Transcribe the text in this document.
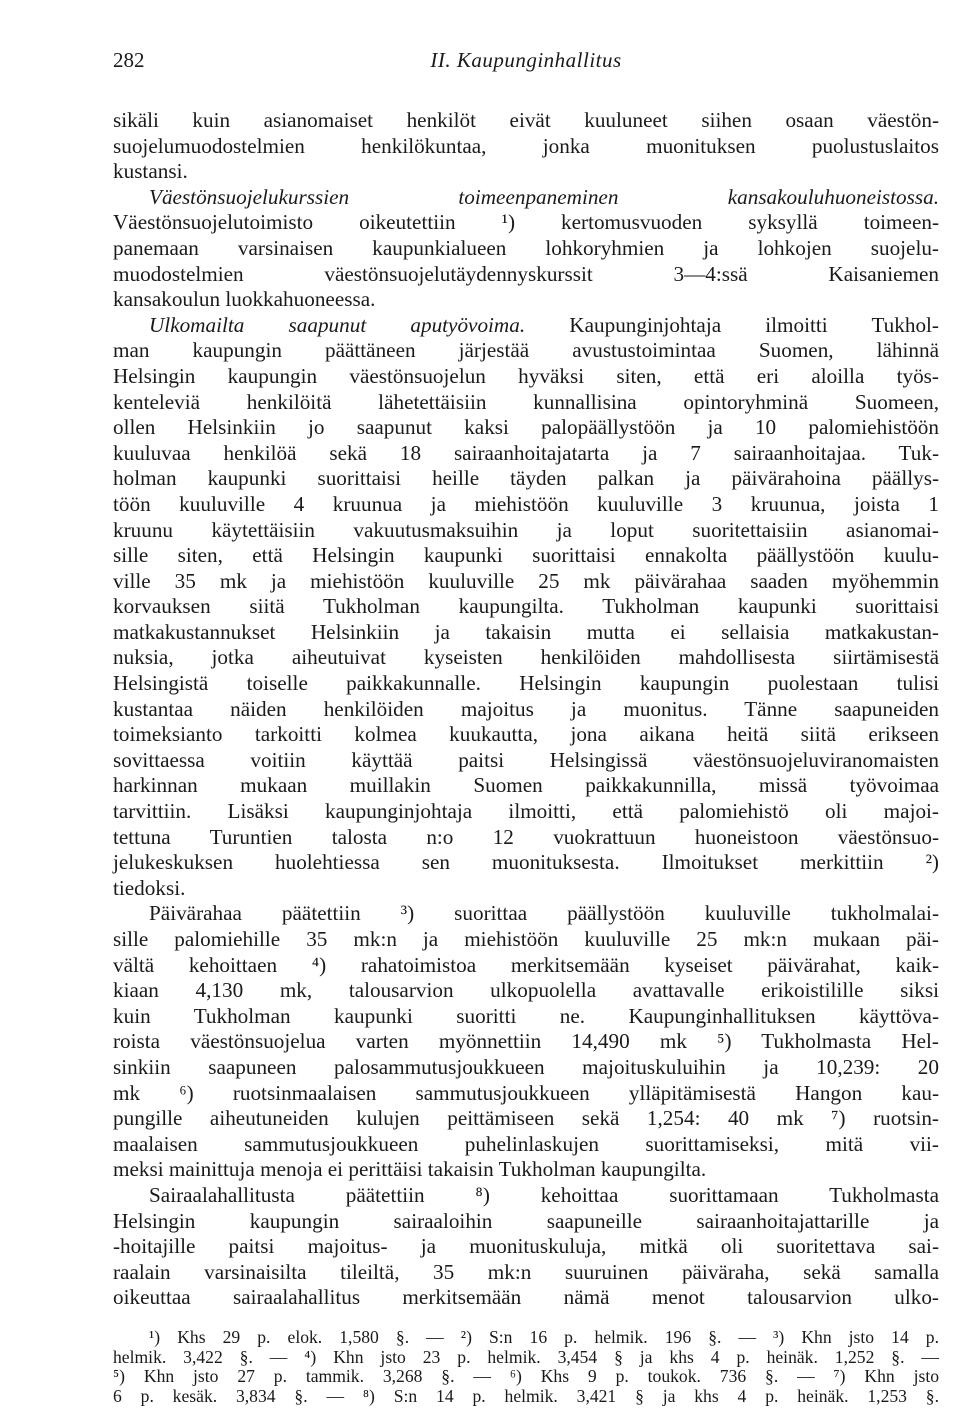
282	II. Kaupunginhallitus
sikäli kuin asianomaiset henkilöt eivät kuuluneet siihen osaan väestön-
suojelumuodostelmien henkilökuntaa, jonka muonituksen puolustuslaitos
kustansi.
Väestönsuojelukurssien toimeenpaneminen kansakouluhuoneistossa.
Väestönsuojelutoimisto oikeutettiin ¹) kertomusvuoden syksyllä toimeen-
panemaan varsinaisen kaupunkialueen lohkoryhmien ja lohkojen suojelu-
muodostelmien väestönsuojelutäydennyskurssit 3—4:ssä Kaisaniemen
kansakoulun luokkahuoneessa.
Ulkomailta saapunut aputyövoima. Kaupunginjohtaja ilmoitti Tukhol-
man kaupungin päättäneen järjestää avustustoimintaa Suomen, lähinnä
Helsingin kaupungin väestönsuojelun hyväksi siten, että eri aloilla työs-
kenteleviä henkilöitä lähetettäisiin kunnallisina opintoryhminä Suomeen,
ollen Helsinkiin jo saapunut kaksi palopäällystöön ja 10 palomiehistöön
kuuluvaa henkilöä sekä 18 sairaanhoitajatarta ja 7 sairaanhoitajaa. Tuk-
holman kaupunki suorittaisi heille täyden palkan ja päivärahoina päällys-
töön kuuluville 4 kruunua ja miehistöön kuuluville 3 kruunua, joista 1
kruunu käytettäisiin vakuutusmaksuihin ja loput suoritettaisiin asianomai-
sille siten, että Helsingin kaupunki suorittaisi ennakolta päällystöön kuulu-
ville 35 mk ja miehistöön kuuluville 25 mk päivärahaa saaden myöhemmin
korvauksen siitä Tukholman kaupungilta. Tukholman kaupunki suorittaisi
matkakustannukset Helsinkiin ja takaisin mutta ei sellaisia matkakustan-
nuksia, jotka aiheutuivat kyseisten henkilöiden mahdollisesta siirtämisestä
Helsingistä toiselle paikkakunnalle. Helsingin kaupungin puolestaan tulisi
kustantaa näiden henkilöiden majoitus ja muonitus. Tänne saapuneiden
toimeksianto tarkoitti kolmea kuukautta, jona aikana heitä siitä erikseen
sovittaessa voitiin käyttää paitsi Helsingissä väestönsuojeluviranomaisten
harkinnan mukaan muillakin Suomen paikkakunnilla, missä työvoimaa
tarvittiin. Lisäksi kaupunginjohtaja ilmoitti, että palomiehistö oli majoi-
tettuna Turuntien talosta n:o 12 vuokrattuun huoneistoon väestönsuo-
jelukeskuksen huolehtiessa sen muonituksesta. Ilmoitukset merkittiin ²)
tiedoksi.
Päivärahaa päätettiin ³) suorittaa päällystöön kuuluville tukholmalai-
sille palomiehille 35 mk:n ja miehistöön kuuluville 25 mk:n mukaan päi-
vältä kehoittaen ⁴) rahatoimistoa merkitsemään kyseiset päivärahat, kaik-
kiaan 4,130 mk, talousarvion ulkopuolella avattavalle erikoistilille siksi
kuin Tukholman kaupunki suoritti ne. Kaupunginhallituksen käyttöva-
roista väestönsuojelua varten myönnettiin 14,490 mk ⁵) Tukholmasta Hel-
sinkiin saapuneen palosammutusjoukkueen majoituskuluihin ja 10,239: 20
mk ⁶) ruotsinmaalaisen sammutusjoukkueen ylläpitämisestä Hangon kau-
pungille aiheutuneiden kulujen peittämiseen sekä 1,254: 40 mk ⁷) ruotsin-
maalaisen sammutusjoukkueen puhelinlaskujen suorittamiseksi, mitä vii-
meksi mainittuja menoja ei perittäisi takaisin Tukholman kaupungilta.
Sairaalahallitusta päätettiin ⁸) kehoittaa suorittamaan Tukholmasta
Helsingin kaupungin sairaaloihin saapuneille sairaanhoitajattarille ja
-hoitajille paitsi majoitus- ja muonituskuluja, mitkä oli suoritettava sai-
raalain varsinaisilta tileiltä, 35 mk:n suuruinen päiväraha, sekä samalla
oikeuttaa sairaalahallitus merkitsemään nämä menot talousarvion ulko-
¹) Khs 29 p. elok. 1,580 §. — ²) S:n 16 p. helmik. 196 §. — ³) Khn jsto 14 p.
helmik. 3,422 §. — ⁴) Khn jsto 23 p. helmik. 3,454 § ja khs 4 p. heinäk. 1,252 §. —
⁵) Khn jsto 27 p. tammik. 3,268 §. — ⁶) Khs 9 p. toukok. 736 §. — ⁷) Khn jsto
6 p. kesäk. 3,834 §. — ⁸) S:n 14 p. helmik. 3,421 § ja khs 4 p. heinäk. 1,253 §.
